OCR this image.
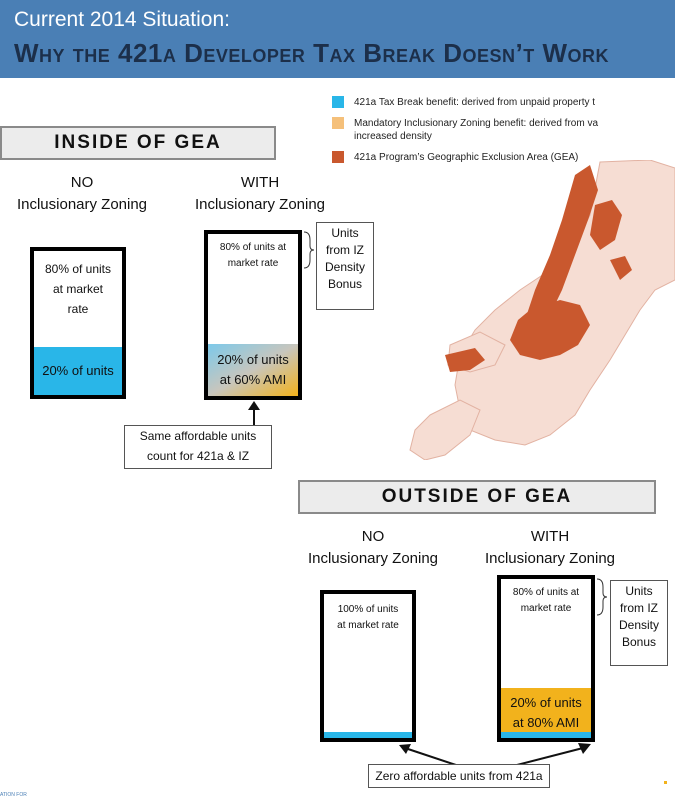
Current 2014 Situation:
Why the 421a Developer Tax Break Doesn’t Work
421a Tax Break benefit: derived from unpaid property t
Mandatory Inclusionary Zoning benefit: derived from va
increased density
421a Program’s Geographic Exclusion Area (GEA)
INSIDE OF GEA
NO
Inclusionary Zoning
WITH
Inclusionary Zoning
80% of units
at market
rate
20% of units
80% of units at
market rate
20% of units
at 60% AMI
Units
from IZ
Density
Bonus
Same affordable units
count for 421a & IZ
OUTSIDE OF GEA
NO
Inclusionary Zoning
WITH
Inclusionary Zoning
100% of units
at market rate
80% of units at
market rate
20% of units
at 80% AMI
Units
from IZ
Density
Bonus
Zero affordable units from 421a
ATION FOR
